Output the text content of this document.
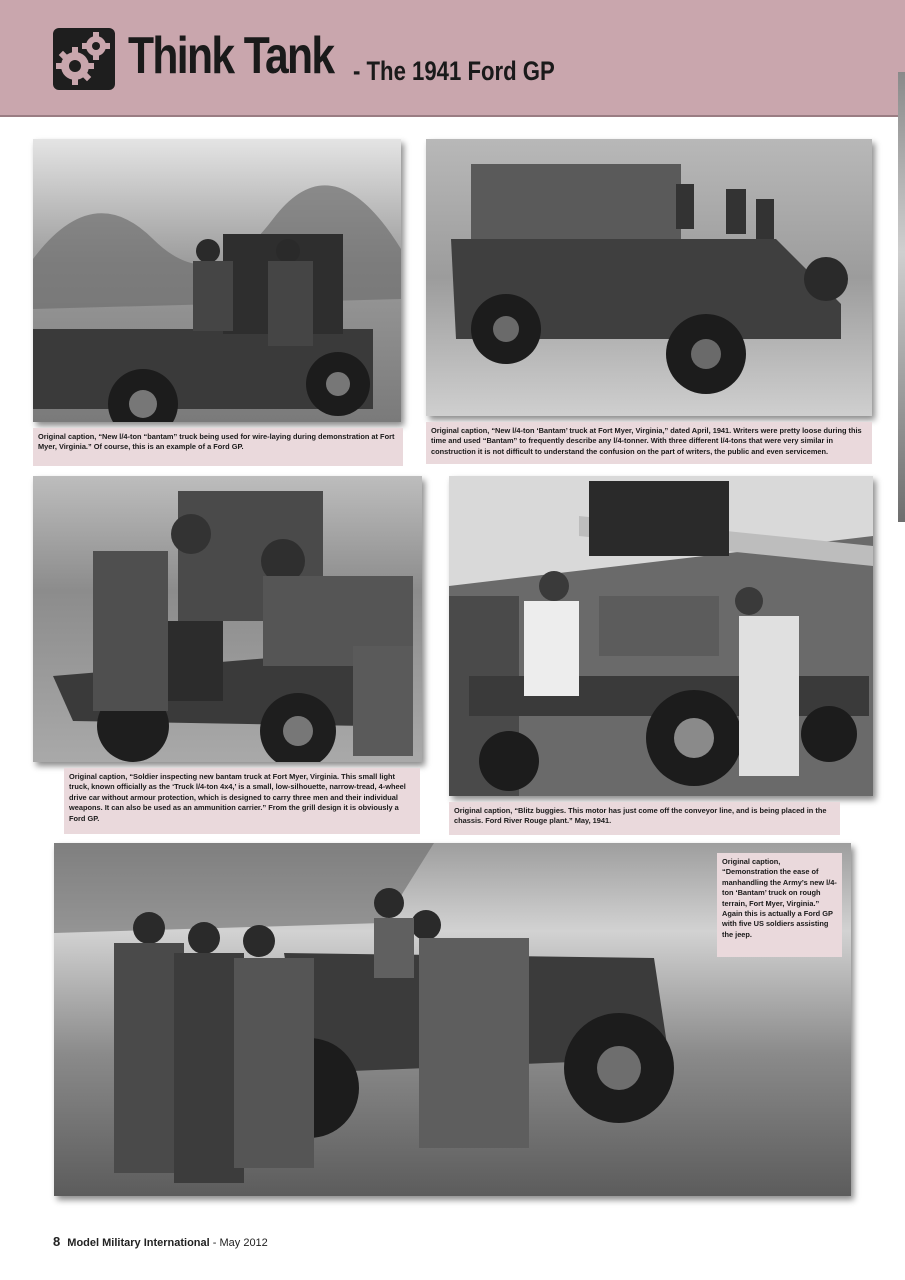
Think Tank - The 1941 Ford GP
Original caption, “New l/4-ton “bantam” truck being used for wire-laying during demonstration at Fort Myer, Virginia.” Of course, this is an example of a Ford GP.
Original caption, “New l/4-ton ‘Bantam’ truck at Fort Myer, Virginia,” dated April, 1941. Writers were pretty loose during this time and used “Bantam” to frequently describe any l/4-tonner. With three different l/4-tons that were very similar in construction it is not difficult to understand the confusion on the part of writers, the public and even servicemen.
Original caption, “Soldier inspecting new bantam truck at Fort Myer, Virginia. This small light truck, known officially as the ‘Truck l/4-ton 4x4,’ is a small, low-silhouette, narrow-tread, 4-wheel drive car without armour protection, which is designed to carry three men and their individual weapons. It can also be used as an ammunition carrier.” From the grill design it is obviously a Ford GP.
Original caption, “Blitz buggies. This motor has just come off the conveyor line, and is being placed in the chassis. Ford River Rouge plant.” May, 1941.
Original caption, “Demonstration the ease of manhandling the Army’s new l/4-ton ‘Bantam’ truck on rough terrain, Fort Myer, Virginia.” Again this is actually a Ford GP with five US soldiers assisting the jeep.
8 Model Military International - May 2012
